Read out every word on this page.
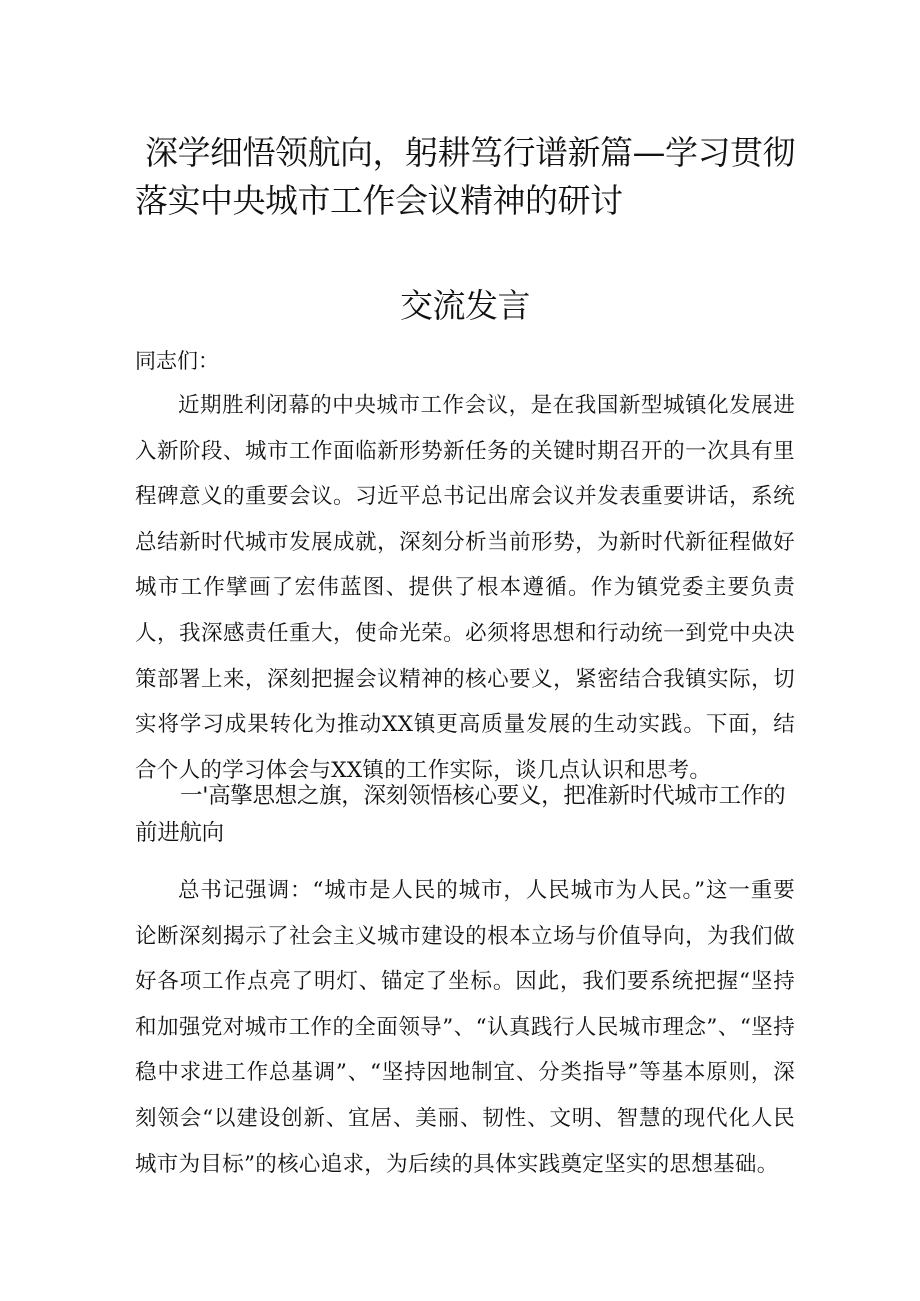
深学细悟领航向，躬耕笃行谱新篇—学习贯彻
落实中央城市工作会议精神的研讨
交流发言
同志们：
近期胜利闭幕的中央城市工作会议，是在我国新型城镇化发展进入新阶段、城市工作面临新形势新任务的关键时期召开的一次具有里程碑意义的重要会议。习近平总书记出席会议并发表重要讲话，系统总结新时代城市发展成就，深刻分析当前形势，为新时代新征程做好城市工作擘画了宏伟蓝图、提供了根本遵循。作为镇党委主要负责人，我深感责任重大，使命光荣。必须将思想和行动统一到党中央决策部署上来，深刻把握会议精神的核心要义，紧密结合我镇实际，切实将学习成果转化为推动XX镇更高质量发展的生动实践。下面，结合个人的学习体会与XX镇的工作实际，谈几点认识和思考。
一'高擎思想之旗，深刻领悟核心要义，把准新时代城市工作的前进航向
总书记强调：“城市是人民的城市，人民城市为人民。”这一重要论断深刻揭示了社会主义城市建设的根本立场与价值导向，为我们做好各项工作点亮了明灯、锚定了坐标。因此，我们要系统把握“坚持和加强党对城市工作的全面领导”、“认真践行人民城市理念”、“坚持稳中求进工作总基调”、“坚持因地制宜、分类指导”等基本原则，深刻领会“以建设创新、宜居、美丽、韧性、文明、智慧的现代化人民城市为目标”的核心追求，为后续的具体实践奠定坚实的思想基础。
